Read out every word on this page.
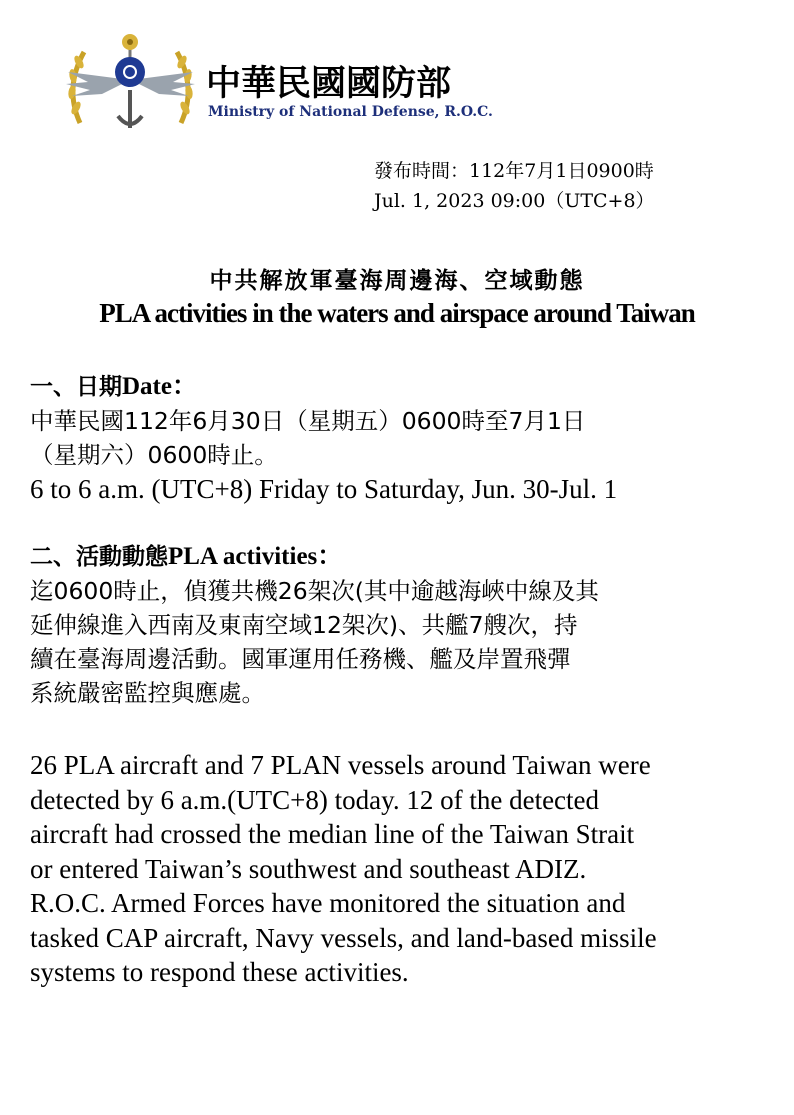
中華民國國防部
Ministry of National Defense, R.O.C.
發布時間：112年7月1日0900時
Jul. 1, 2023 09:00（UTC+8）
中共解放軍臺海周邊海、空域動態
PLA activities in the waters and airspace around Taiwan
一、日期Date：

中華民國112年6月30日（星期五）0600時至7月1日

（星期六）0600時止。

6 to 6 a.m. (UTC+8) Friday to Saturday, Jun. 30-Jul. 1

二、活動動態PLA activities：

迄0600時止，偵獲共機26架次(其中逾越海峽中線及其

延伸線進入西南及東南空域12架次)、共艦7艘次，持

續在臺海周邊活動。國軍運用任務機、艦及岸置飛彈

系統嚴密監控與應處。

26 PLA aircraft and 7 PLAN vessels around Taiwan were

detected by 6 a.m.(UTC+8) today. 12 of the detected

aircraft had crossed the median line of the Taiwan Strait

or entered Taiwan’s southwest and southeast ADIZ.

R.O.C. Armed Forces have monitored the situation and

tasked CAP aircraft, Navy vessels, and land-based missile

systems to respond these activities.
